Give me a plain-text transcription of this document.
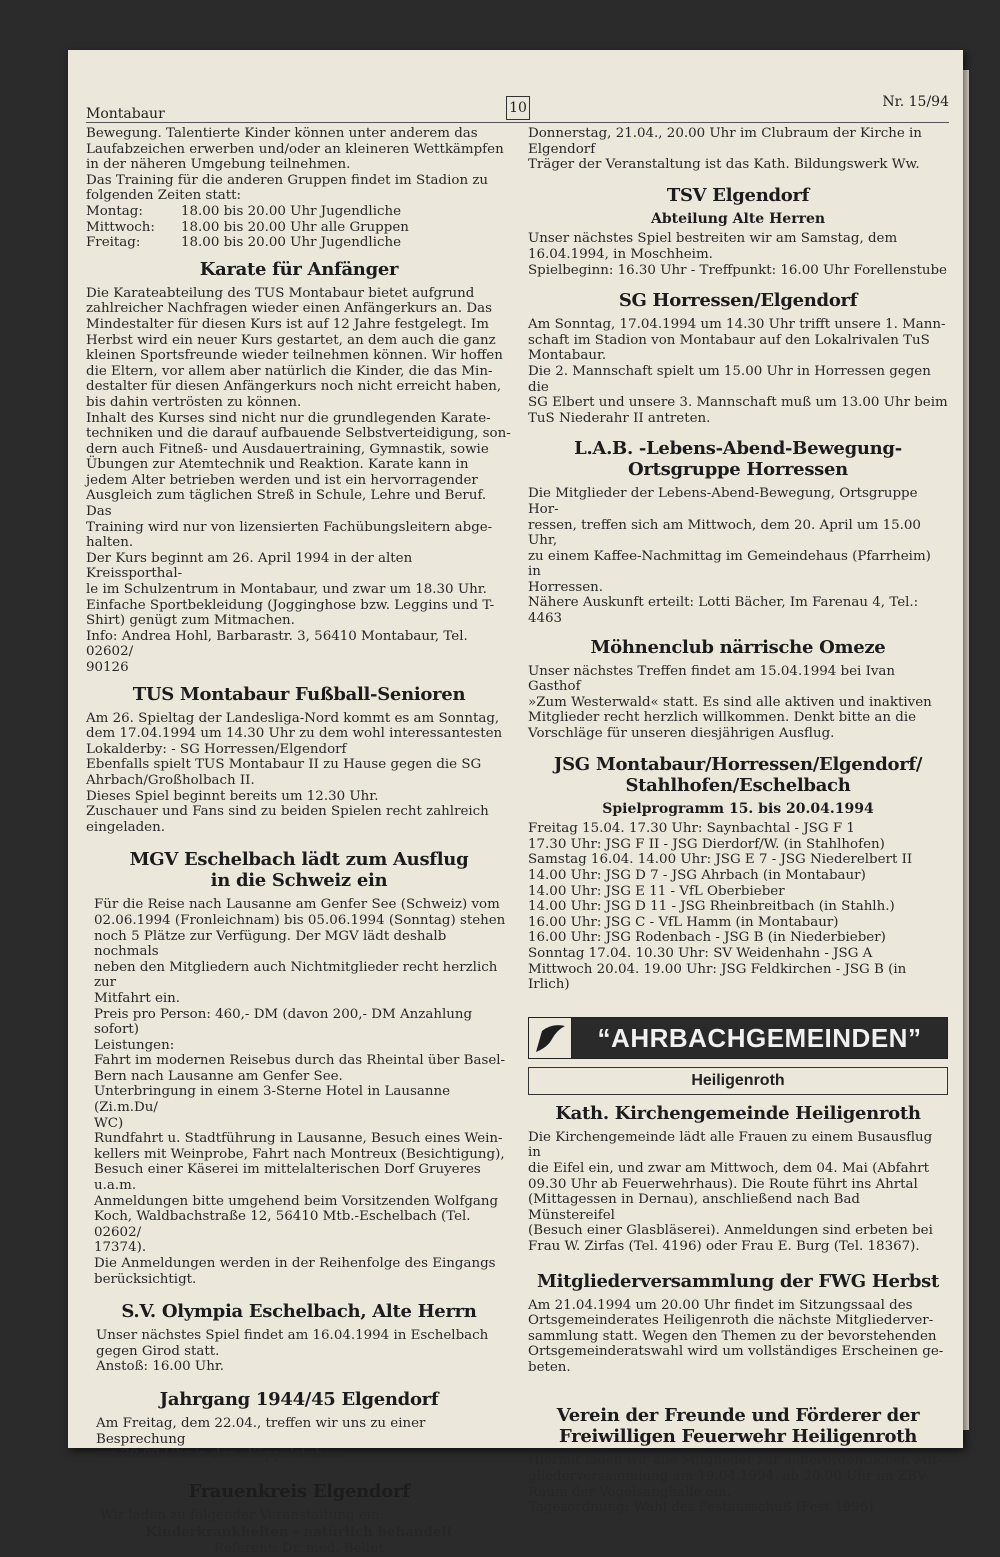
Montabaur	10	Nr. 15/94
Bewegung. Talentierte Kinder können unter anderem das
Laufabzeichen erwerben und/oder an kleineren Wettkämpfen
in der näheren Umgebung teilnehmen.
Das Training für die anderen Gruppen findet im Stadion zu
folgenden Zeiten statt:
Montag:	18.00 bis 20.00 Uhr Jugendliche
Mittwoch:	18.00 bis 20.00 Uhr alle Gruppen
Freitag:	18.00 bis 20.00 Uhr Jugendliche
Karate für Anfänger
Die Karateabteilung des TUS Montabaur bietet aufgrund
zahlreicher Nachfragen wieder einen Anfängerkurs an. Das
Mindestalter für diesen Kurs ist auf 12 Jahre festgelegt. Im
Herbst wird ein neuer Kurs gestartet, an dem auch die ganz
kleinen Sportsfreunde wieder teilnehmen können. Wir hoffen
die Eltern, vor allem aber natürlich die Kinder, die das Min-
destalter für diesen Anfängerkurs noch nicht erreicht haben,
bis dahin vertrösten zu können.
Inhalt des Kurses sind nicht nur die grundlegenden Karate-
techniken und die darauf aufbauende Selbstverteidigung, son-
dern auch Fitneß- und Ausdauertraining, Gymnastik, sowie
Übungen zur Atemtechnik und Reaktion. Karate kann in
jedem Alter betrieben werden und ist ein hervorragender
Ausgleich zum täglichen Streß in Schule, Lehre und Beruf. Das
Training wird nur von lizensierten Fachübungsleitern abge-
halten.
Der Kurs beginnt am 26. April 1994 in der alten Kreissporthal-
le im Schulzentrum in Montabaur, und zwar um 18.30 Uhr.
Einfache Sportbekleidung (Jogginghose bzw. Leggins und T-
Shirt) genügt zum Mitmachen.
Info: Andrea Hohl, Barbarastr. 3, 56410 Montabaur, Tel. 02602/
90126
TUS Montabaur Fußball-Senioren
Am 26. Spieltag der Landesliga-Nord kommt es am Sonntag,
dem 17.04.1994 um 14.30 Uhr zu dem wohl interessantesten
Lokalderby: - SG Horressen/Elgendorf
Ebenfalls spielt TUS Montabaur II zu Hause gegen die SG
Ahrbach/Großholbach II.
Dieses Spiel beginnt bereits um 12.30 Uhr.
Zuschauer und Fans sind zu beiden Spielen recht zahlreich
eingeladen.
MGV Eschelbach lädt zum Ausflug
in die Schweiz ein
Für die Reise nach Lausanne am Genfer See (Schweiz) vom
02.06.1994 (Fronleichnam) bis 05.06.1994 (Sonntag) stehen
noch 5 Plätze zur Verfügung. Der MGV lädt deshalb nochmals
neben den Mitgliedern auch Nichtmitglieder recht herzlich zur
Mitfahrt ein.
Preis pro Person: 460,- DM (davon 200,- DM Anzahlung sofort)
Leistungen:
Fahrt im modernen Reisebus durch das Rheintal über Basel-
Bern nach Lausanne am Genfer See.
Unterbringung in einem 3-Sterne Hotel in Lausanne (Zi.m.Du/
WC)
Rundfahrt u. Stadtführung in Lausanne, Besuch eines Wein-
kellers mit Weinprobe, Fahrt nach Montreux (Besichtigung),
Besuch einer Käserei im mittelalterischen Dorf Gruyeres
u.a.m.
Anmeldungen bitte umgehend beim Vorsitzenden Wolfgang
Koch, Waldbachstraße 12, 56410 Mtb.-Eschelbach (Tel. 02602/
17374).
Die Anmeldungen werden in der Reihenfolge des Eingangs
berücksichtigt.
S.V. Olympia Eschelbach, Alte Herrn
Unser nächstes Spiel findet am 16.04.1994 in Eschelbach
gegen Girod statt.
Anstoß: 16.00 Uhr.
Jahrgang 1944/45 Elgendorf
Am Freitag, dem 22.04., treffen wir uns zu einer Besprechung
um 20.00 Uhr in der »Köppelstube«.
Frauenkreis Elgendorf

Wir laden zu folgender Veranstaltung ein:

Kinderkrankheiten - natürlich behandelt

Referent: Dr. med. Bellut

Donnerstag, 21.04., 20.00 Uhr im Clubraum der Kirche in
Elgendorf
Träger der Veranstaltung ist das Kath. Bildungswerk Ww.
TSV Elgendorf
Abteilung Alte Herren
Unser nächstes Spiel bestreiten wir am Samstag, dem
16.04.1994, in Moschheim.
Spielbeginn: 16.30 Uhr - Treffpunkt: 16.00 Uhr Forellenstube
SG Horressen/Elgendorf
Am Sonntag, 17.04.1994 um 14.30 Uhr trifft unsere 1. Mann-
schaft im Stadion von Montabaur auf den Lokalrivalen TuS
Montabaur.
Die 2. Mannschaft spielt um 15.00 Uhr in Horressen gegen die
SG Elbert und unsere 3. Mannschaft muß um 13.00 Uhr beim
TuS Niederahr II antreten.
L.A.B. -Lebens-Abend-Bewegung-
Ortsgruppe Horressen
Die Mitglieder der Lebens-Abend-Bewegung, Ortsgruppe Hor-
ressen, treffen sich am Mittwoch, dem 20. April um 15.00 Uhr,
zu einem Kaffee-Nachmittag im Gemeindehaus (Pfarrheim) in
Horressen.
Nähere Auskunft erteilt: Lotti Bächer, Im Farenau 4, Tel.:
4463
Möhnenclub närrische Omeze
Unser nächstes Treffen findet am 15.04.1994 bei Ivan Gasthof
»Zum Westerwald« statt. Es sind alle aktiven und inaktiven
Mitglieder recht herzlich willkommen. Denkt bitte an die
Vorschläge für unseren diesjährigen Ausflug.
JSG Montabaur/Horressen/Elgendorf/
Stahlhofen/Eschelbach
Spielprogramm 15. bis 20.04.1994
Freitag 15.04. 17.30 Uhr: Saynbachtal - JSG F 1
17.30 Uhr: JSG F II - JSG Dierdorf/W. (in Stahlhofen)
Samstag 16.04. 14.00 Uhr: JSG E 7 - JSG Niederelbert II
14.00 Uhr: JSG D 7 - JSG Ahrbach (in Montabaur)
14.00 Uhr: JSG E 11 - VfL Oberbieber
14.00 Uhr: JSG D 11 - JSG Rheinbreitbach (in Stahlh.)
16.00 Uhr: JSG C - VfL Hamm (in Montabaur)
16.00 Uhr: JSG Rodenbach - JSG B (in Niederbieber)
Sonntag 17.04. 10.30 Uhr: SV Weidenhahn - JSG A
Mittwoch 20.04. 19.00 Uhr: JSG Feldkirchen - JSG B (in Irlich)
“AHRBACHGEMEINDEN”
Heiligenroth
Kath. Kirchengemeinde Heiligenroth
Die Kirchengemeinde lädt alle Frauen zu einem Busausflug in
die Eifel ein, und zwar am Mittwoch, dem 04. Mai (Abfahrt
09.30 Uhr ab Feuerwehrhaus). Die Route führt ins Ahrtal
(Mittagessen in Dernau), anschließend nach Bad Münstereifel
(Besuch einer Glasbläserei). Anmeldungen sind erbeten bei
Frau W. Zirfas (Tel. 4196) oder Frau E. Burg (Tel. 18367).
Mitgliederversammlung der FWG Herbst
Am 21.04.1994 um 20.00 Uhr findet im Sitzungssaal des
Ortsgemeinderates Heiligenroth die nächste Mitgliederver-
sammlung statt. Wegen den Themen zu der bevorstehenden
Ortsgemeinderatswahl wird um vollständiges Erscheinen ge-
beten.
Verein der Freunde und Förderer der
Freiwilligen Feuerwehr Heiligenroth
Hiermit laden wir alle Mitglieder zur außerordentlichen Mit-
gliederversammlung am 19.04.1994, ab 20.00 Uhr im ZBV-
Raum der Vogelsanghalle ein.
Tagesordnung: Wahl des Festausschuß (Fest 1996)
